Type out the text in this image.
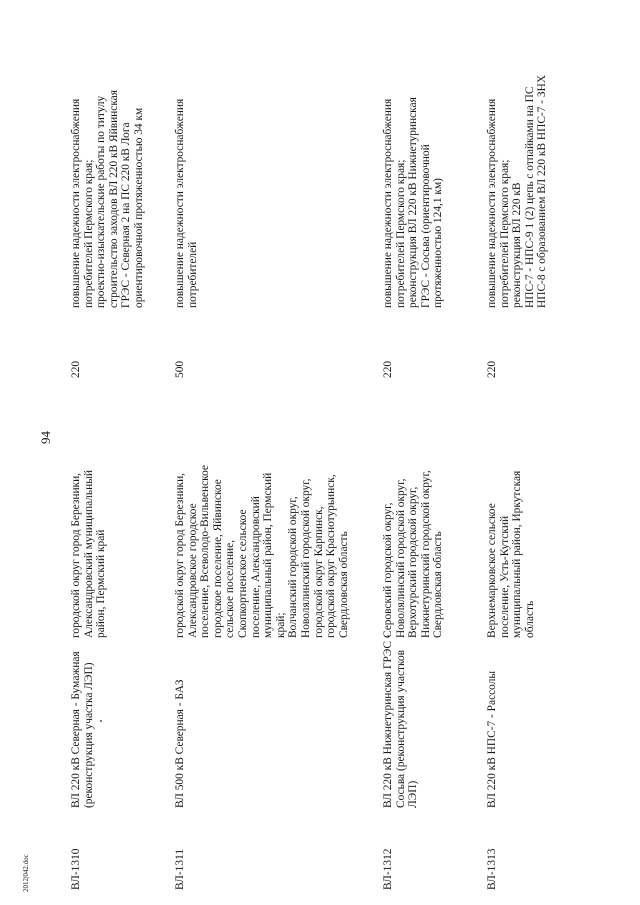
94
ВЛ-1310
ВЛ 220 кВ Северная - Бумажная (реконструкция участка ЛЭП)
городской округ город Березники, Александровский муниципальный район, Пермский край
220
повышение надежности электроснабжения потребителей Пермского края; проектно-изыскательские работы по титулу строительство заходов ВЛ 220 кВ Яйвинская ГРЭС - Северная 2 на ПС 220 кВ Лога ориентировочной протяженностью 34 км
ВЛ-1311
ВЛ 500 кВ Северная - БАЗ
городской округ город Березники, Александровское городское поселение, Всеволодо-Вильвенское городское поселение, Яйвинское сельское поселение, Скопкортненское сельское поселение, Александровский муниципальный район, Пермский край; Волчанский городской округ, Новолялинский городской округ, городской округ Карпинск, городской округ Краснотурьинск, Свердловская область
500
повышение надежности электроснабжения потребителей
ВЛ-1312
ВЛ 220 кВ Нижнетуринская ГРЭС - Сосьва (реконструкция участков ЛЭП)
Серовский городской округ, Новолялинский городской округ, Верхотурский городской округ, Нижнетуринский городской округ, Свердловская область
220
повышение надежности электроснабжения потребителей Пермского края; реконструкция ВЛ 220 кВ Нижнетуринская ГРЭС - Сосьва (ориентировочной протяженностью 124,1 км)
ВЛ-1313
ВЛ 220 кВ НПС-7 - Рассолы
Верхнемарковское сельское поселение, Усть-Кутский муниципальный район, Иркутская область
220
повышение надежности электроснабжения потребителей Пермского края; реконструкция ВЛ 220 кВ НПС-7 - НПС-9 1 (2) цепь с отпайками на ПС НПС-8 с образованием ВЛ 220 кВ НПС-7 - ЗНХ
2012|042.doc
